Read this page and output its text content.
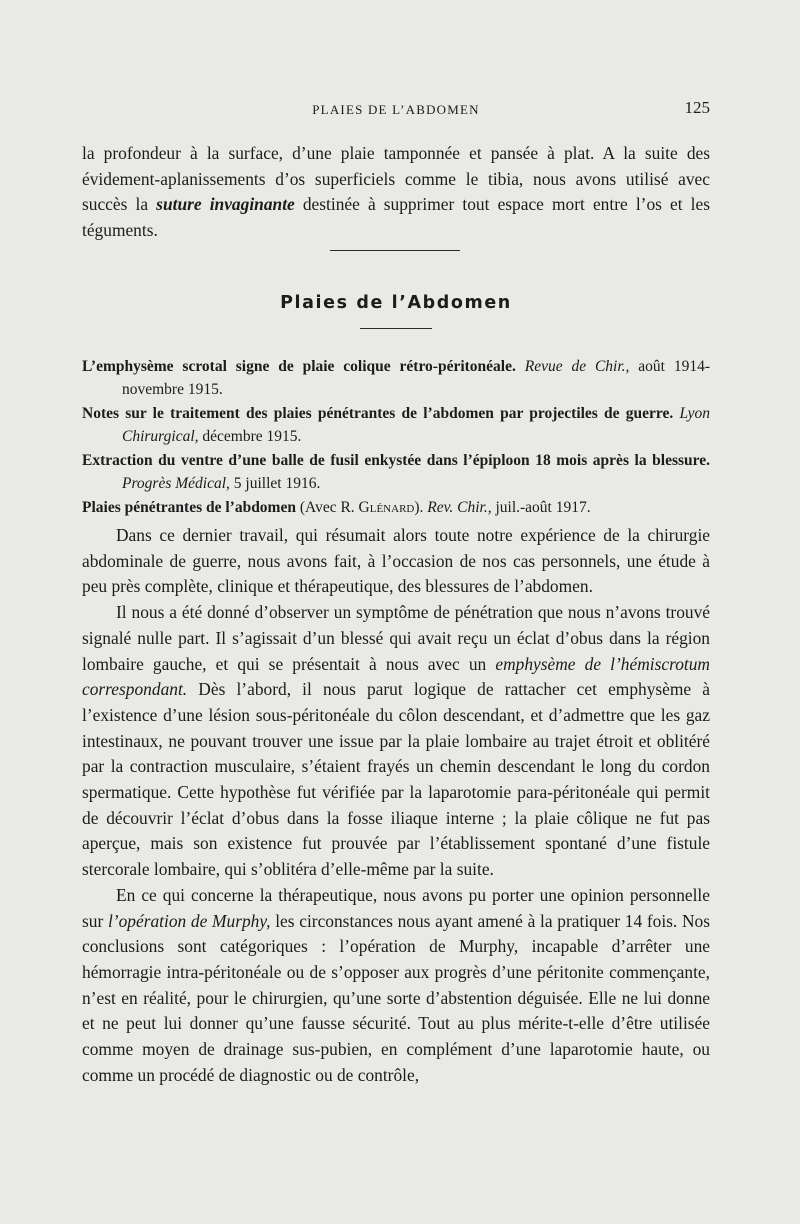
PLAIES DE L’ABDOMEN	125

la profondeur à la surface, d’une plaie tamponnée et pansée à plat. A la suite des évidement-aplanissements d’os superficiels comme le tibia, nous avons utilisé avec succès la suture invaginante destinée à supprimer tout espace mort entre l’os et les téguments.

Plaies de l’Abdomen

L’emphysème scrotal signe de plaie colique rétro-péritonéale. Revue de Chir., août 1914-novembre 1915.

Notes sur le traitement des plaies pénétrantes de l’abdomen par projectiles de guerre. Lyon Chirurgical, décembre 1915.

Extraction du ventre d’une balle de fusil enkystée dans l’épiploon 18 mois après la blessure. Progrès Médical, 5 juillet 1916.

Plaies pénétrantes de l’abdomen (Avec R. Glénard). Rev. Chir., juil.-août 1917.

Dans ce dernier travail, qui résumait alors toute notre expérience de la chirurgie abdominale de guerre, nous avons fait, à l’occasion de nos cas personnels, une étude à peu près complète, clinique et thérapeutique, des blessures de l’abdomen.

Il nous a été donné d’observer un symptôme de pénétration que nous n’avons trouvé signalé nulle part. Il s’agissait d’un blessé qui avait reçu un éclat d’obus dans la région lombaire gauche, et qui se présentait à nous avec un emphysème de l’hémiscrotum correspondant. Dès l’abord, il nous parut logique de rattacher cet emphysème à l’existence d’une lésion sous-péritonéale du côlon descendant, et d’admettre que les gaz intestinaux, ne pouvant trouver une issue par la plaie lombaire au trajet étroit et oblitéré par la contraction musculaire, s’étaient frayés un chemin descendant le long du cordon spermatique. Cette hypothèse fut vérifiée par la laparotomie para-péritonéale qui permit de découvrir l’éclat d’obus dans la fosse iliaque interne ; la plaie côlique ne fut pas aperçue, mais son existence fut prouvée par l’établissement spontané d’une fistule stercorale lombaire, qui s’oblitéra d’elle-même par la suite.

En ce qui concerne la thérapeutique, nous avons pu porter une opinion personnelle sur l’opération de Murphy, les circonstances nous ayant amené à la pratiquer 14 fois. Nos conclusions sont catégoriques : l’opération de Murphy, incapable d’arrêter une hémorragie intra-péritonéale ou de s’opposer aux progrès d’une péritonite commençante, n’est en réalité, pour le chirurgien, qu’une sorte d’abstention déguisée. Elle ne lui donne et ne peut lui donner qu’une fausse sécurité. Tout au plus mérite-t-elle d’être utilisée comme moyen de drainage sus-pubien, en complément d’une laparotomie haute, ou comme un procédé de diagnostic ou de contrôle,
